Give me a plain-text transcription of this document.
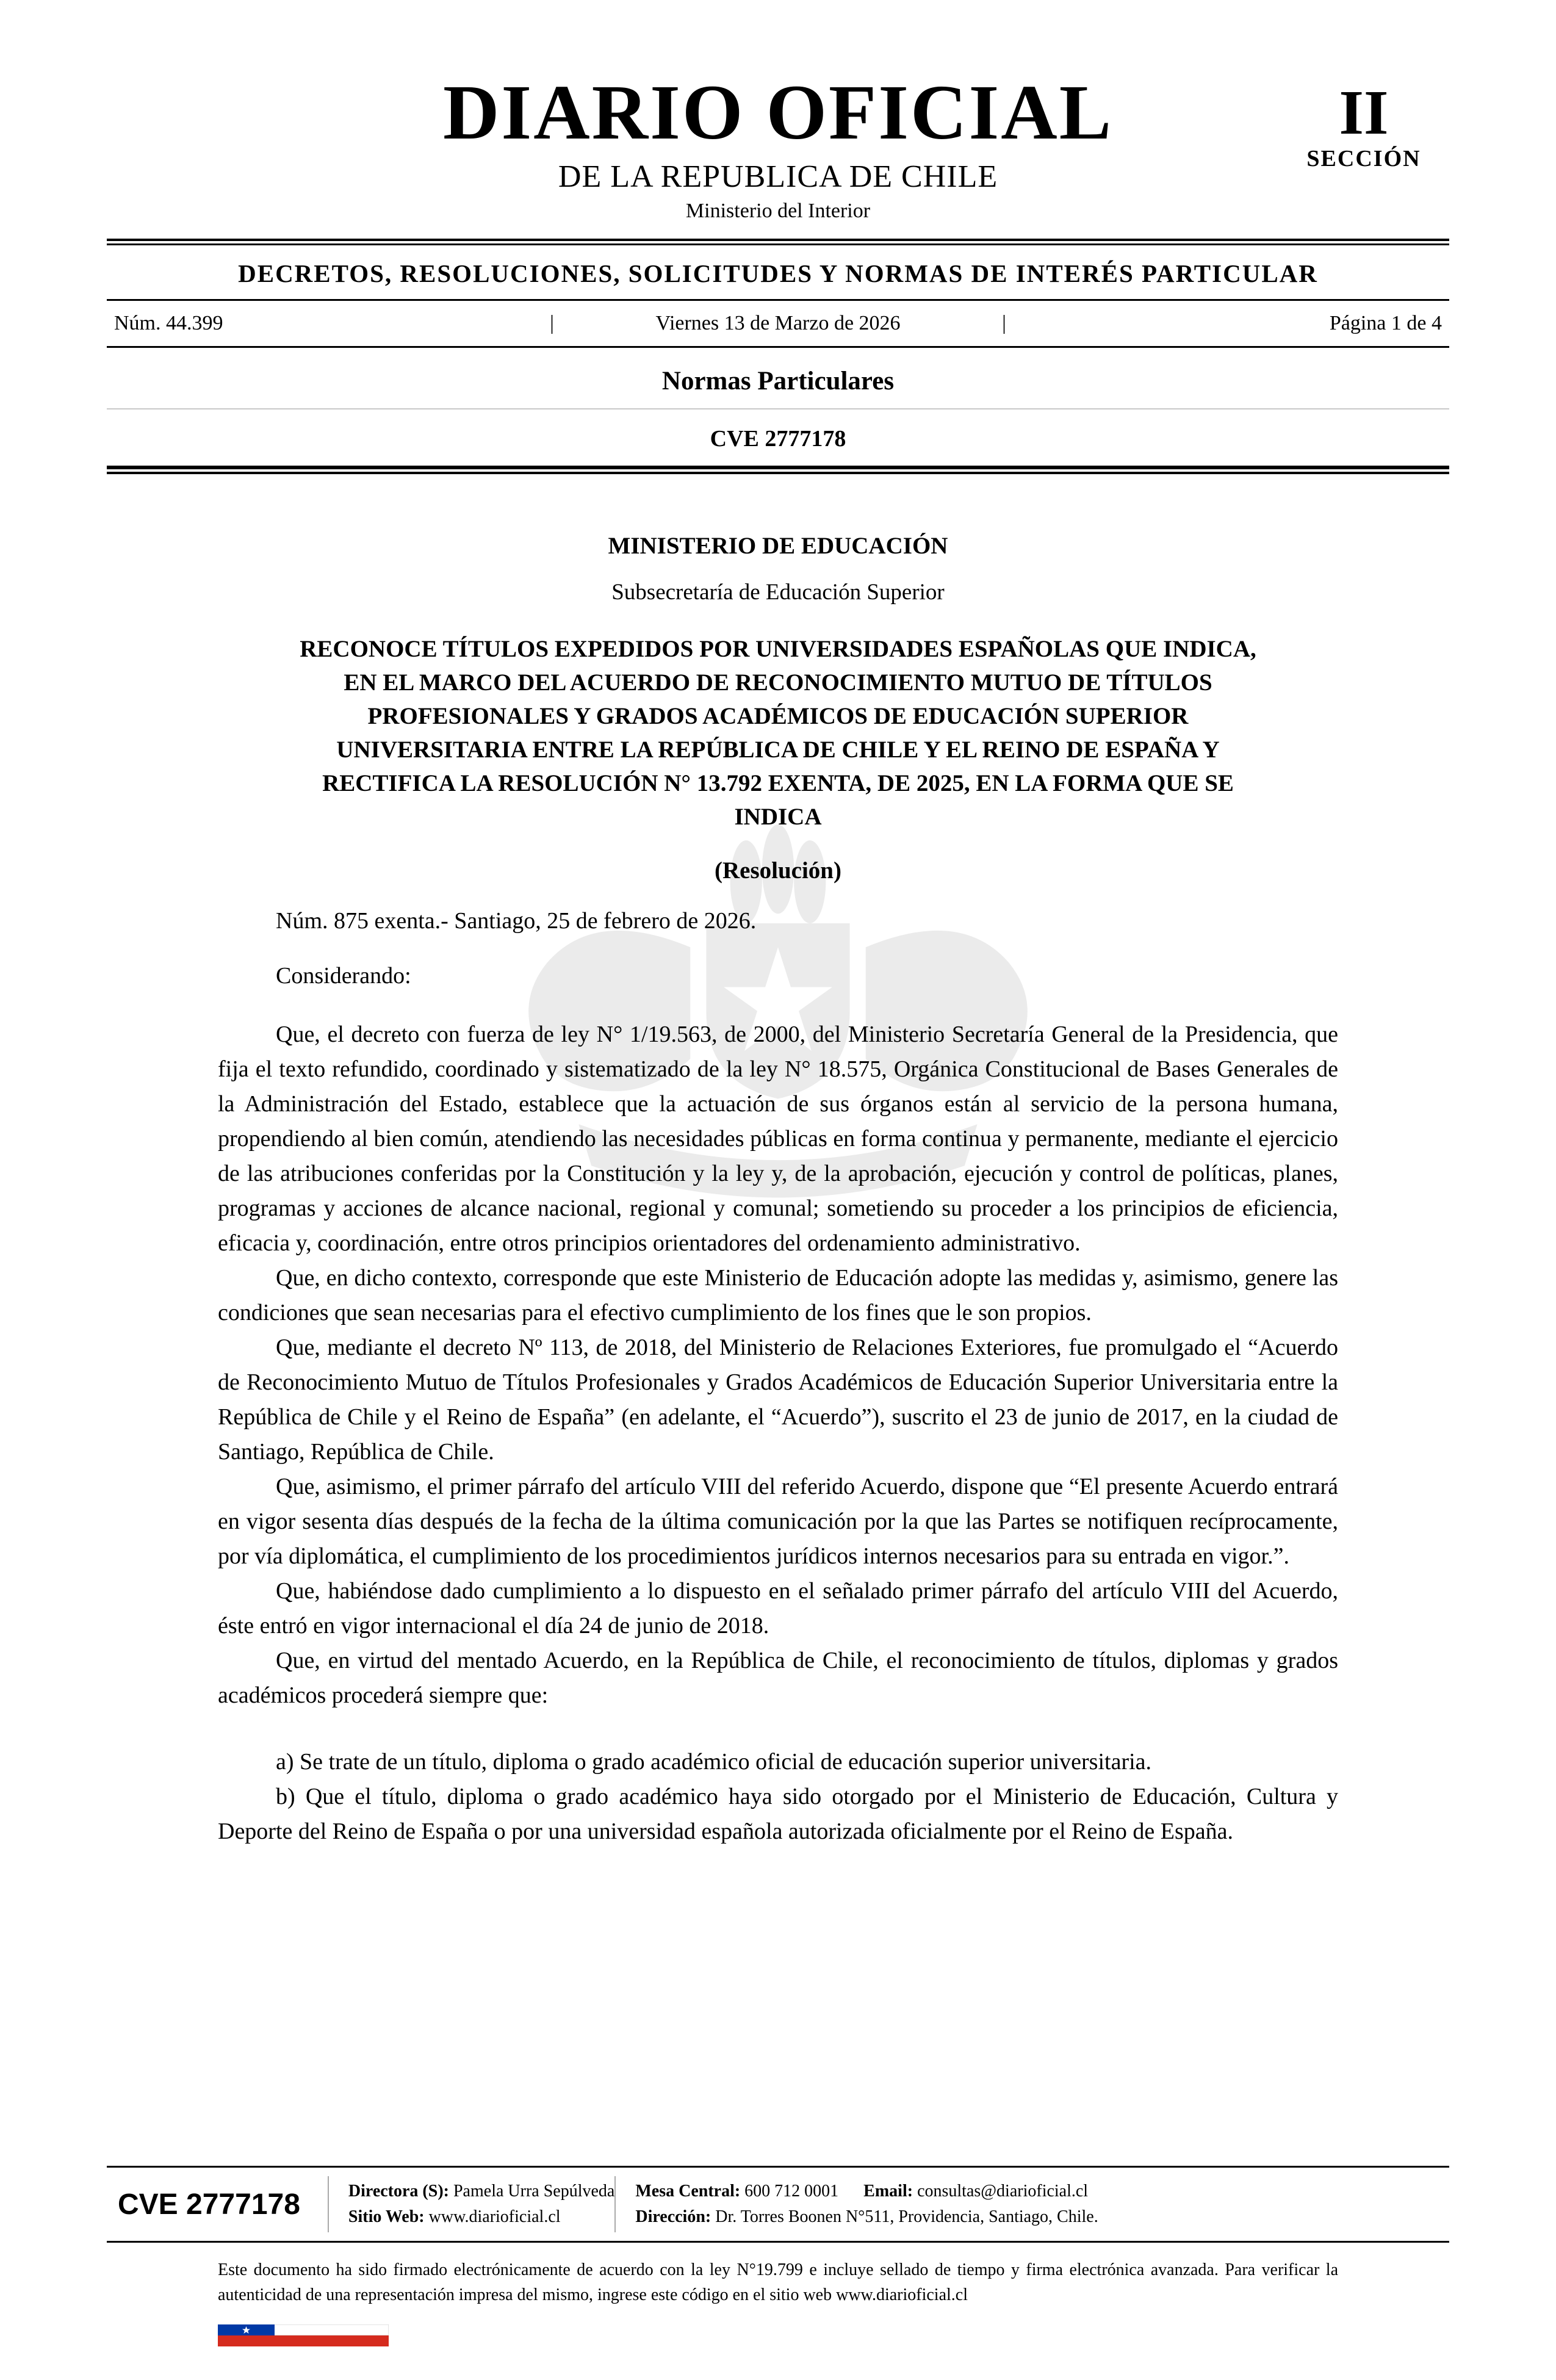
DIARIO OFICIAL
DE LA REPUBLICA DE CHILE
Ministerio del Interior
II
SECCIÓN
DECRETOS, RESOLUCIONES, SOLICITUDES Y NORMAS DE INTERÉS PARTICULAR
Núm. 44.399	|	Viernes 13 de Marzo de 2026	|	Página 1 de 4
Normas Particulares
CVE 2777178
MINISTERIO DE EDUCACIÓN
Subsecretaría de Educación Superior
RECONOCE TÍTULOS EXPEDIDOS POR UNIVERSIDADES ESPAÑOLAS QUE INDICA, EN EL MARCO DEL ACUERDO DE RECONOCIMIENTO MUTUO DE TÍTULOS PROFESIONALES Y GRADOS ACADÉMICOS DE EDUCACIÓN SUPERIOR UNIVERSITARIA ENTRE LA REPÚBLICA DE CHILE Y EL REINO DE ESPAÑA Y RECTIFICA LA RESOLUCIÓN N° 13.792 EXENTA, DE 2025, EN LA FORMA QUE SE INDICA
(Resolución)

Núm. 875 exenta.- Santiago, 25 de febrero de 2026.

Considerando:

Que, el decreto con fuerza de ley N° 1/19.563, de 2000, del Ministerio Secretaría General de la Presidencia, que fija el texto refundido, coordinado y sistematizado de la ley N° 18.575, Orgánica Constitucional de Bases Generales de la Administración del Estado, establece que la actuación de sus órganos están al servicio de la persona humana, propendiendo al bien común, atendiendo las necesidades públicas en forma continua y permanente, mediante el ejercicio de las atribuciones conferidas por la Constitución y la ley y, de la aprobación, ejecución y control de políticas, planes, programas y acciones de alcance nacional, regional y comunal; sometiendo su proceder a los principios de eficiencia, eficacia y, coordinación, entre otros principios orientadores del ordenamiento administrativo.

Que, en dicho contexto, corresponde que este Ministerio de Educación adopte las medidas y, asimismo, genere las condiciones que sean necesarias para el efectivo cumplimiento de los fines que le son propios.

Que, mediante el decreto Nº 113, de 2018, del Ministerio de Relaciones Exteriores, fue promulgado el “Acuerdo de Reconocimiento Mutuo de Títulos Profesionales y Grados Académicos de Educación Superior Universitaria entre la República de Chile y el Reino de España” (en adelante, el “Acuerdo”), suscrito el 23 de junio de 2017, en la ciudad de Santiago, República de Chile.

Que, asimismo, el primer párrafo del artículo VIII del referido Acuerdo, dispone que “El presente Acuerdo entrará en vigor sesenta días después de la fecha de la última comunicación por la que las Partes se notifiquen recíprocamente, por vía diplomática, el cumplimiento de los procedimientos jurídicos internos necesarios para su entrada en vigor.”.

Que, habiéndose dado cumplimiento a lo dispuesto en el señalado primer párrafo del artículo VIII del Acuerdo, éste entró en vigor internacional el día 24 de junio de 2018.

Que, en virtud del mentado Acuerdo, en la República de Chile, el reconocimiento de títulos, diplomas y grados académicos procederá siempre que:

a) Se trate de un título, diploma o grado académico oficial de educación superior universitaria.

b) Que el título, diploma o grado académico haya sido otorgado por el Ministerio de Educación, Cultura y Deporte del Reino de España o por una universidad española autorizada oficialmente por el Reino de España.

CVE 2777178	Directora (S): Pamela Urra Sepúlveda
Sitio Web: www.diarioficial.cl
Mesa Central: 600 712 0001 Email: consultas@diarioficial.cl
Dirección: Dr. Torres Boonen N°511, Providencia, Santiago, Chile.

Este documento ha sido firmado electrónicamente de acuerdo con la ley N°19.799 e incluye sellado de tiempo y firma electrónica avanzada. Para verificar la autenticidad de una representación impresa del mismo, ingrese este código en el sitio web www.diarioficial.cl
